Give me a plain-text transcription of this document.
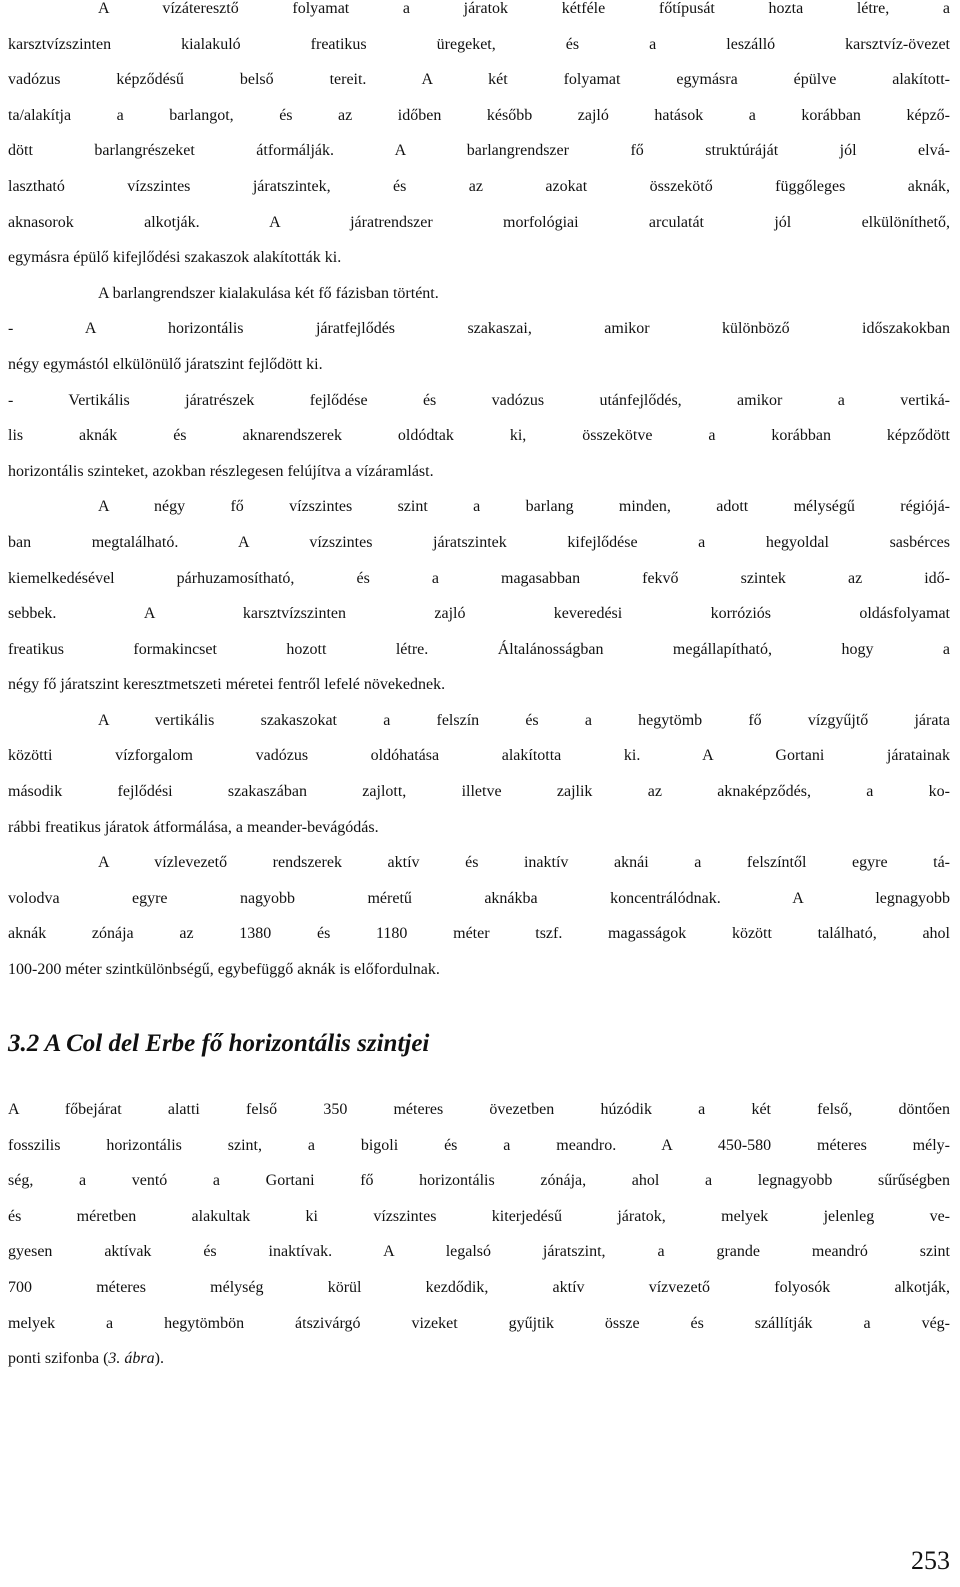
A vízáteresztő folyamat a járatok kétféle főtípusát hozta létre, a
karsztvízszinten kialakuló freatikus üregeket, és a leszálló karsztvíz-övezet
vadózus képződésű belső tereit. A két folyamat egymásra épülve alakított-
ta/alakítja a barlangot, és az időben később zajló hatások a korábban képző-
dött barlangrészeket átformálják. A barlangrendszer fő struktúráját jól elvá-
lasztható vízszintes járatszintek, és az azokat összekötő függőleges aknák,
aknasorok alkotják. A járatrendszer morfológiai arculatát jól elkülöníthető,
egymásra épülő kifejlődési szakaszok alakították ki.
A barlangrendszer kialakulása két fő fázisban történt.
- A horizontális járatfejlődés szakaszai, amikor különböző időszakokban
négy egymástól elkülönülő járatszint fejlődött ki.
- Vertikális járatrészek fejlődése és vadózus utánfejlődés, amikor a vertiká-
lis aknák és aknarendszerek oldódtak ki, összekötve a korábban képződött
horizontális szinteket, azokban részlegesen felújítva a vízáramlást.
A négy fő vízszintes szint a barlang minden, adott mélységű régiójá-
ban megtalálható. A vízszintes járatszintek kifejlődése a hegyoldal sasbérces
kiemelkedésével párhuzamosítható, és a magasabban fekvő szintek az idő-
sebbek. A karsztvízszinten zajló keveredési korróziós oldásfolyamat
freatikus formakincset hozott létre. Általánosságban megállapítható, hogy a
négy fő járatszint keresztmetszeti méretei fentről lefelé növekednek.
A vertikális szakaszokat a felszín és a hegytömb fő vízgyűjtő járata
közötti vízforgalom vadózus oldóhatása alakította ki. A Gortani járatainak
második fejlődési szakaszában zajlott, illetve zajlik az aknaképződés, a ko-
rábbi freatikus járatok átformálása, a meander-bevágódás.
A vízlevezető rendszerek aktív és inaktív aknái a felszíntől egyre tá-
volodva egyre nagyobb méretű aknákba koncentrálódnak. A legnagyobb
aknák zónája az 1380 és 1180 méter tszf. magasságok között található, ahol
100-200 méter szintkülönbségű, egybefüggő aknák is előfordulnak.
3.2 A Col del Erbe fő horizontális szintjei
A főbejárat alatti felső 350 méteres övezetben húzódik a két felső, döntően
fosszilis horizontális szint, a bigoli és a meandro. A 450-580 méteres mély-
ség, a ventó a Gortani fő horizontális zónája, ahol a legnagyobb sűrűségben
és méretben alakultak ki vízszintes kiterjedésű járatok, melyek jelenleg ve-
gyesen aktívak és inaktívak. A legalsó járatszint, a grande meandró szint
700 méteres mélység körül kezdődik, aktív vízvezető folyosók alkotják,
melyek a hegytömbön átszivárgó vizeket gyűjtik össze és szállítják a vég-
ponti szifonba (3. ábra).
253
